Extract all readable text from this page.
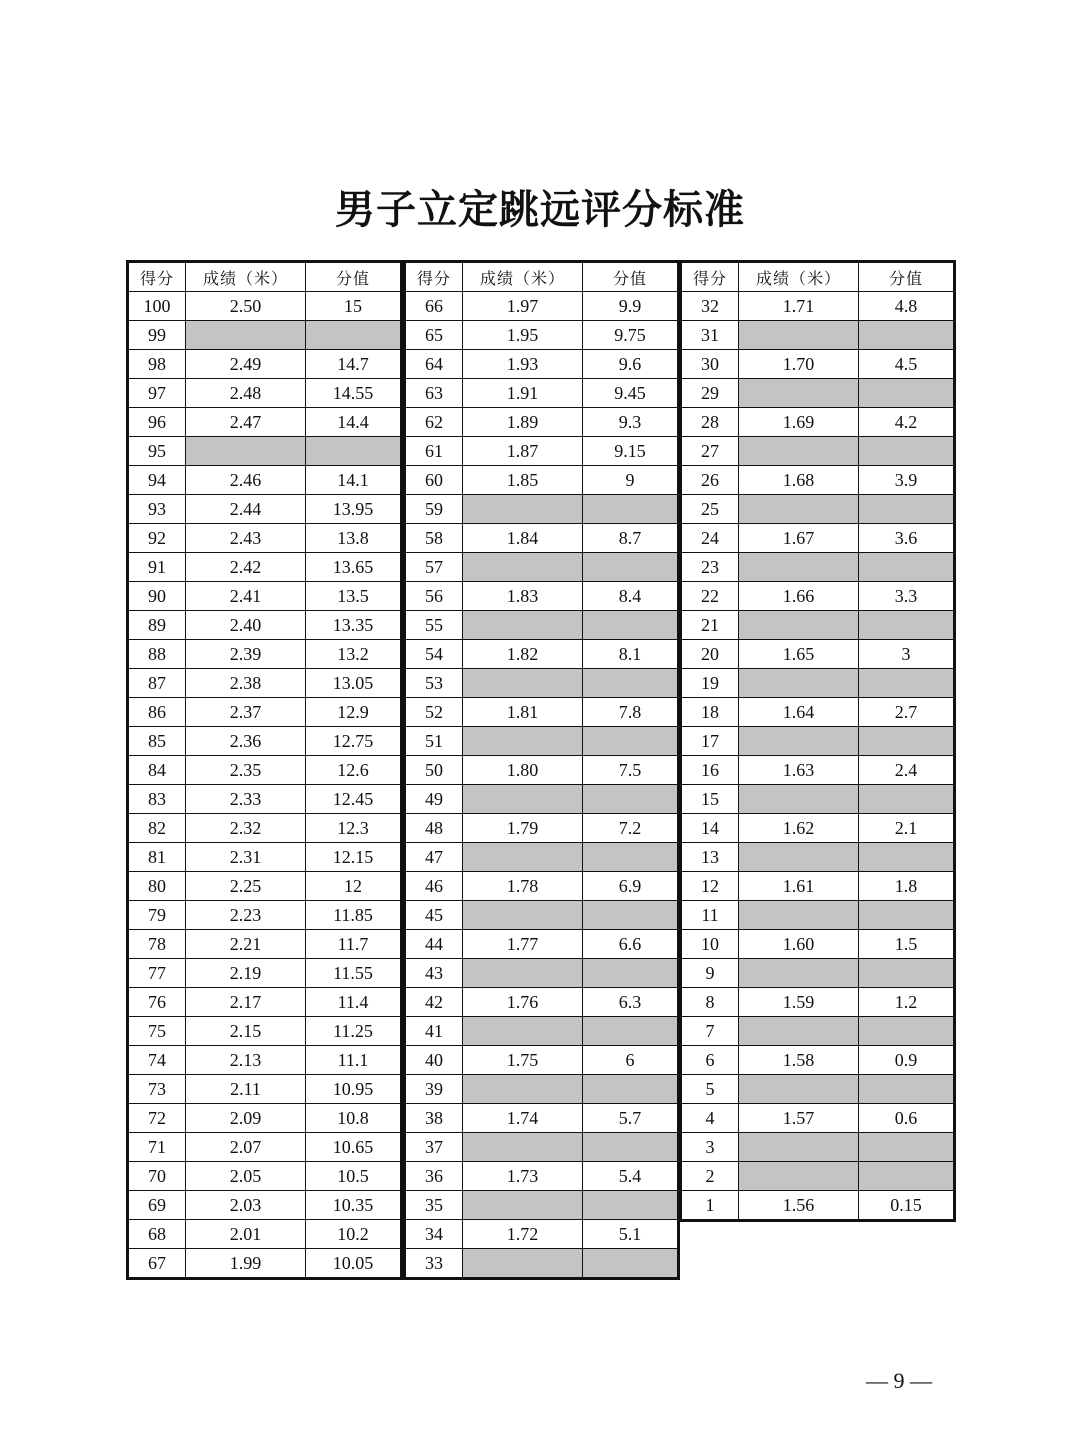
男子立定跳远评分标准
得分	成绩（米）	分值
100	2.50	15
99		
98	2.49	14.7
97	2.48	14.55
96	2.47	14.4
95		
94	2.46	14.1
93	2.44	13.95
92	2.43	13.8
91	2.42	13.65
90	2.41	13.5
89	2.40	13.35
88	2.39	13.2
87	2.38	13.05
86	2.37	12.9
85	2.36	12.75
84	2.35	12.6
83	2.33	12.45
82	2.32	12.3
81	2.31	12.15
80	2.25	12
79	2.23	11.85
78	2.21	11.7
77	2.19	11.55
76	2.17	11.4
75	2.15	11.25
74	2.13	11.1
73	2.11	10.95
72	2.09	10.8
71	2.07	10.65
70	2.05	10.5
69	2.03	10.35
68	2.01	10.2
67	1.99	10.05
得分	成绩（米）	分值
66	1.97	9.9
65	1.95	9.75
64	1.93	9.6
63	1.91	9.45
62	1.89	9.3
61	1.87	9.15
60	1.85	9
59		
58	1.84	8.7
57		
56	1.83	8.4
55		
54	1.82	8.1
53		
52	1.81	7.8
51		
50	1.80	7.5
49		
48	1.79	7.2
47		
46	1.78	6.9
45		
44	1.77	6.6
43		
42	1.76	6.3
41		
40	1.75	6
39		
38	1.74	5.7
37		
36	1.73	5.4
35		
34	1.72	5.1
33		
得分	成绩（米）	分值
32	1.71	4.8
31		
30	1.70	4.5
29		
28	1.69	4.2
27		
26	1.68	3.9
25		
24	1.67	3.6
23		
22	1.66	3.3
21		
20	1.65	3
19		
18	1.64	2.7
17		
16	1.63	2.4
15		
14	1.62	2.1
13		
12	1.61	1.8
11		
10	1.60	1.5
9		
8	1.59	1.2
7		
6	1.58	0.9
5		
4	1.57	0.6
3		
2		
1	1.56	0.15
— 9 —
